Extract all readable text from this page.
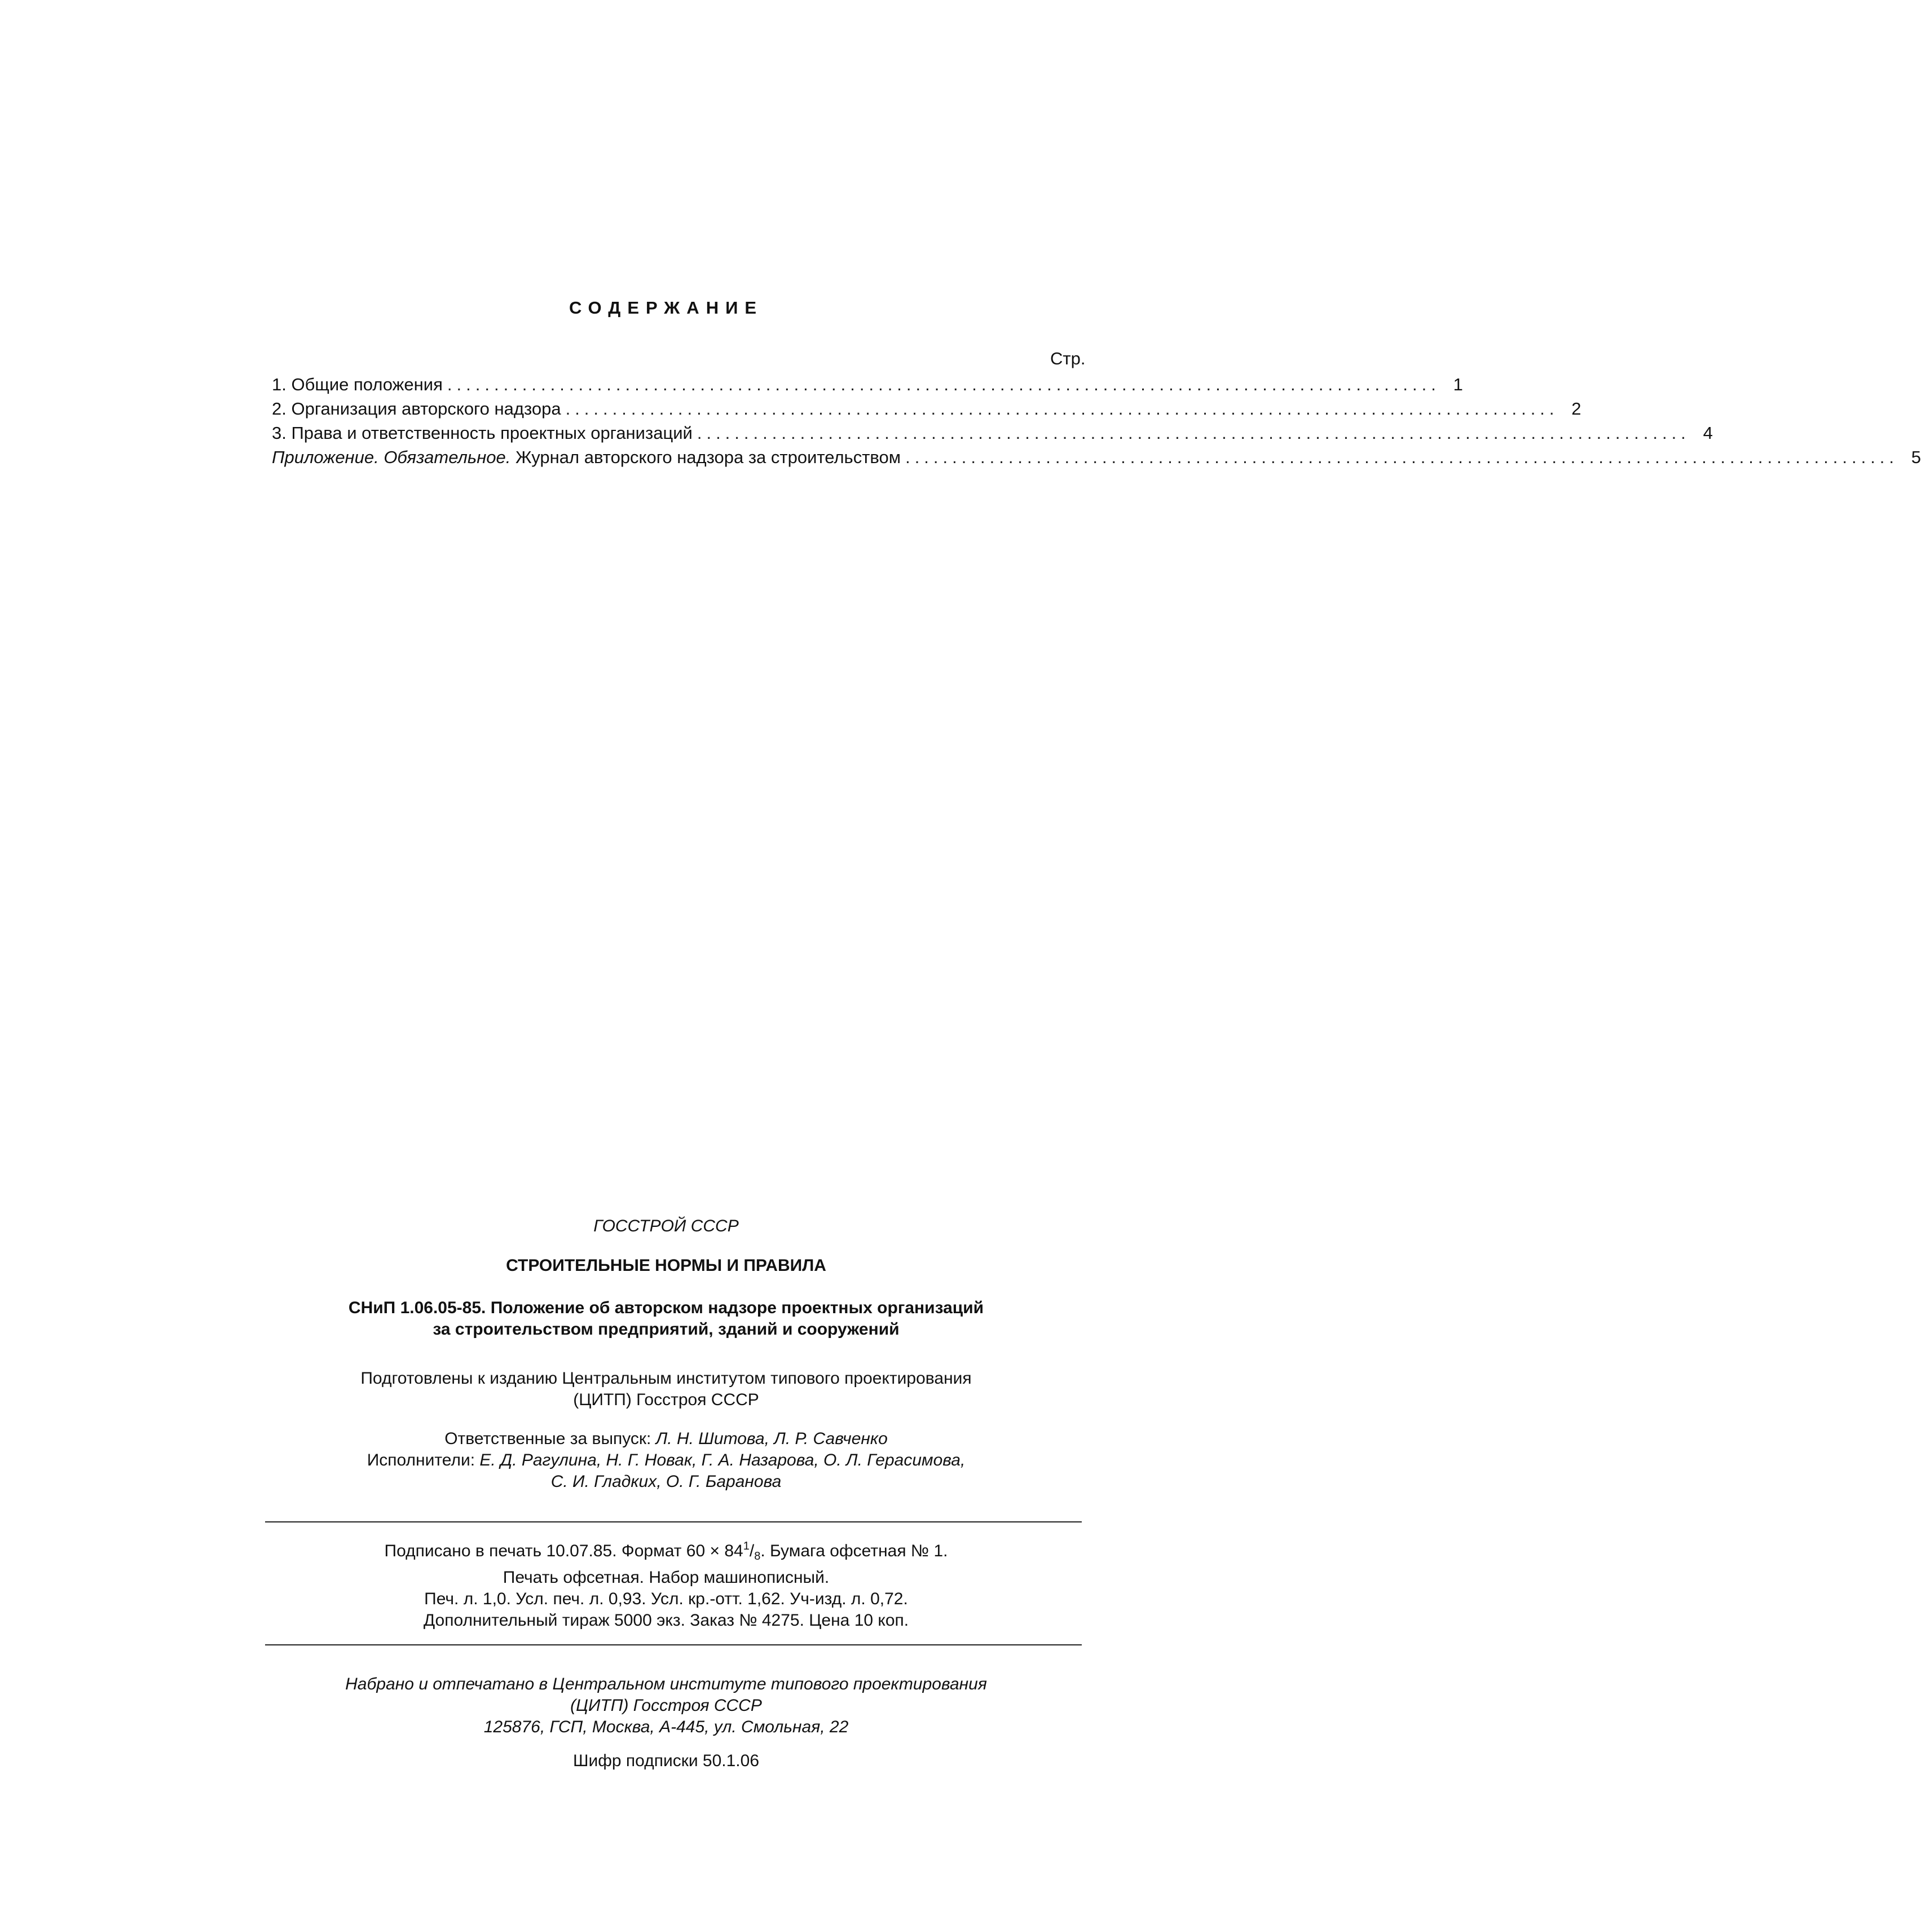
СОДЕРЖАНИЕ
Стр.
1. Общие положения .......................................................................................................... 1
2. Организация авторского надзора .......................................................................................................... 2
3. Права и ответственность проектных организаций .......................................................................................................... 4
Приложение. Обязательное. Журнал авторского надзора за строительством .......................................................................................................... 5
ГОССТРОЙ СССР
СТРОИТЕЛЬНЫЕ НОРМЫ И ПРАВИЛА
СНиП 1.06.05-85. Положение об авторском надзоре проектных организаций
за строительством предприятий, зданий и сооружений
Подготовлены к изданию Центральным институтом типового проектирования
(ЦИТП) Госстроя СССР
Ответственные за выпуск: Л. Н. Шитова, Л. Р. Савченко
Исполнители: Е. Д. Рагулина, Н. Г. Новак, Г. А. Назарова, О. Л. Герасимова,
С. И. Гладких, О. Г. Баранова
Подписано в печать 10.07.85. Формат $60 \times 84^1/_8$. Бумага офсетная № 1.
Печать офсетная. Набор машинописный.
Печ. л. 1,0. Усл. печ. л. 0,93. Усл. кр.-отт. 1,62. Уч-изд. л. 0,72.
Дополнительный тираж 5000 экз. Заказ № 4275. Цена 10 коп.
Набрано и отпечатано в Центральном институте типового проектирования
(ЦИТП) Госстроя СССР
125876, ГСП, Москва, А-445, ул. Смольная, 22
Шифр подписки 50.1.06
